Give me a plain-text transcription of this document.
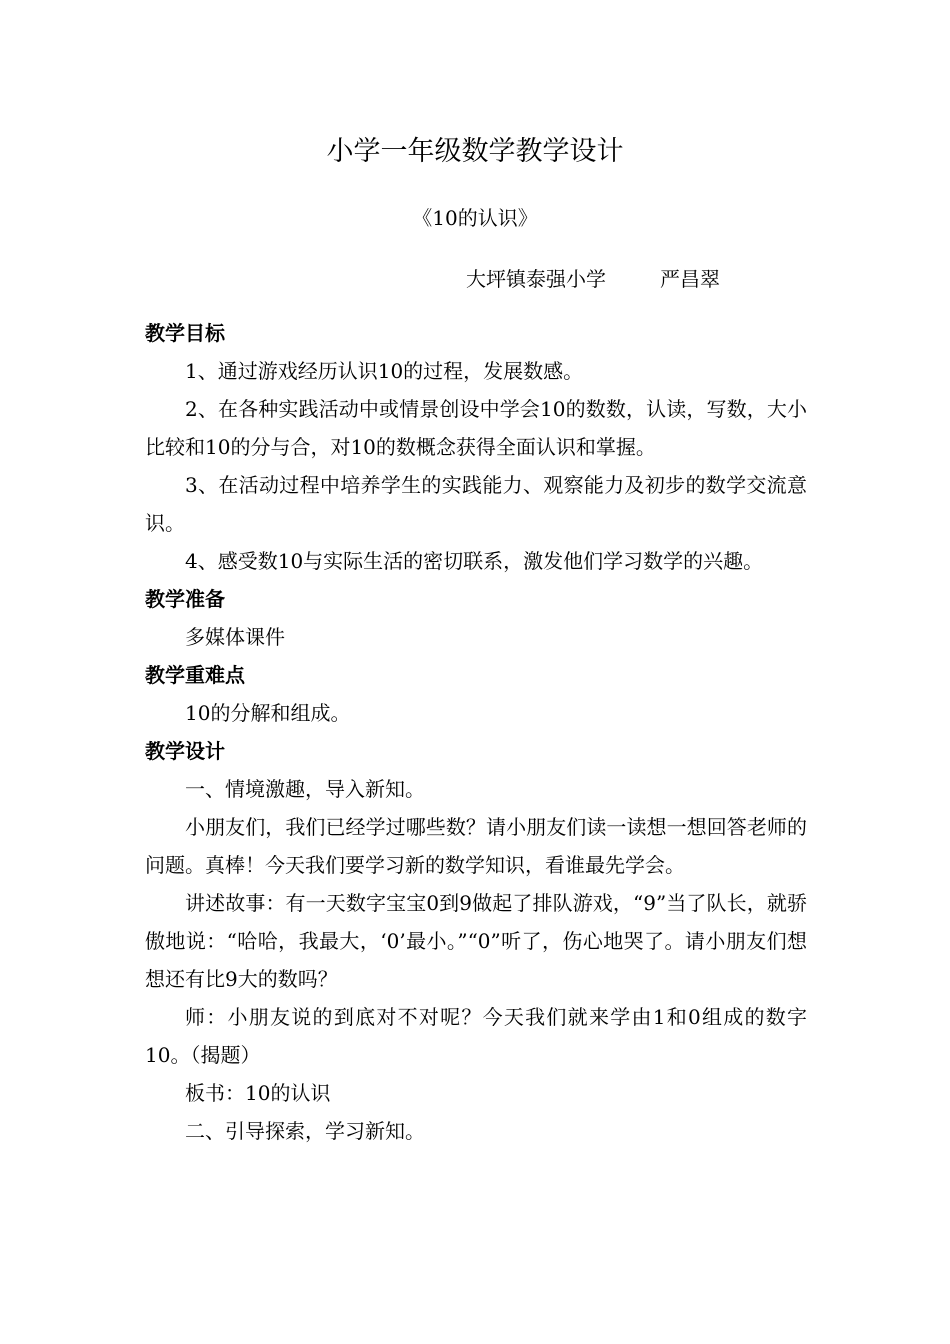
小学一年级数学教学设计
《10的认识》
大坪镇泰强小学	严昌翠
教学目标

1、通过游戏经历认识10的过程，发展数感。

2、在各种实践活动中或情景创设中学会10的数数，认读，写数，大小比较和10的分与合，对10的数概念获得全面认识和掌握。

3、在活动过程中培养学生的实践能力、观察能力及初步的数学交流意识。

4、感受数10与实际生活的密切联系，激发他们学习数学的兴趣。

教学准备

多媒体课件

教学重难点

10的分解和组成。

教学设计

一、情境激趣，导入新知。

小朋友们，我们已经学过哪些数？请小朋友们读一读想一想回答老师的问题。真棒！今天我们要学习新的数学知识，看谁最先学会。

讲述故事：有一天数字宝宝0到9做起了排队游戏，“9”当了队长，就骄傲地说：“哈哈，我最大，‘0’最小。”“0”听了，伤心地哭了。请小朋友们想想还有比9大的数吗？

师：小朋友说的到底对不对呢？今天我们就来学由1和0组成的数字10。（揭题）

板书：10的认识

二、引导探索，学习新知。
